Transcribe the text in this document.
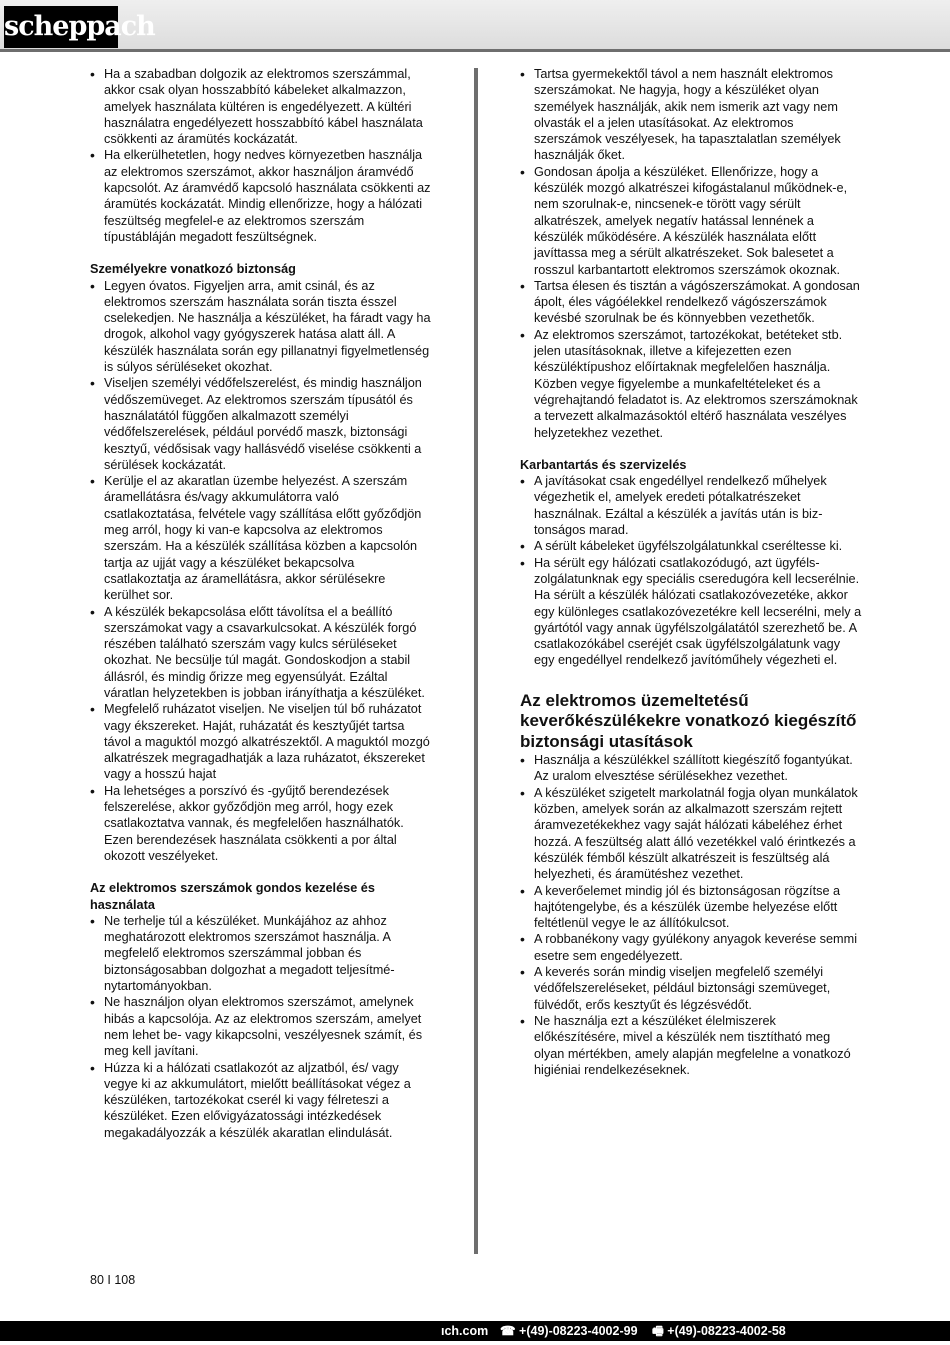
scheppach
• Ha a szabadban dolgozik az elektromos szerszámmal, akkor csak olyan hosszabbító kábeleket alkalmazzon, amelyek használata kültéren is engedélyezett. A kültéri használatra engedélyezett hosszabbító kábel használata csökkenti az áramütés kockázatát.
• Ha elkerülhetetlen, hogy nedves környezetben használja az elektromos szerszámot, akkor használjon áramvédő kapcsolót. Az áramvédő kapcsoló használata csökkenti az áramütés kockázatát. Mindig ellenőrizze, hogy a hálózati feszültség megfelel-e az elektromos szerszám típustábláján megadott feszültségnek.
Személyekre vonatkozó biztonság
• Legyen óvatos. Figyeljen arra, amit csinál, és az elektromos szerszám használata során tiszta ésszel cselekedjen. Ne használja a készüléket, ha fáradt vagy ha drogok, alkohol vagy gyógyszerek hatása alatt áll. A készülék használata során egy pillanatnyi figyelmetlenség is súlyos sérüléseket okozhat.
• Viseljen személyi védőfelszerelést, és mindig használjon védőszemüveget. Az elektromos szerszám típusától és használatától függően alkalmazott személyi védőfelszerelések, például porvédő maszk, biztonsági kesztyű, védősisak vagy hallásvédő viselése csökkenti a sérülések kockázatát.
• Kerülje el az akaratlan üzembe helyezést. A szerszám áramellátásra és/vagy akkumulátorra való csatlakoztatása, felvétele vagy szállítása előtt győződjön meg arról, hogy ki van-e kapcsolva az elektromos szerszám. Ha a készülék szállítása közben a kapcsolón tartja az ujját vagy a készüléket bekapcsolva csatlakoztatja az áramellátásra, akkor sérülésekre kerülhet sor.
• A készülék bekapcsolása előtt távolítsa el a beállító szerszámokat vagy a csavarkulcsokat. A készülék forgó részében található szerszám vagy kulcs sérüléseket okozhat. Ne becsülje túl magát. Gondoskodjon a stabil állásról, és mindig őrizze meg egyensúlyát. Ezáltal váratlan helyzetekben is jobban irányíthatja a készüléket.
• Megfelelő ruházatot viseljen. Ne viseljen túl bő ruházatot vagy ékszereket. Haját, ruházatát és kesztyűjét tartsa távol a maguktól mozgó alkatrészektől. A maguktól mozgó alkatrészek megragadhatják a laza ruházatot, ékszereket vagy a hosszú hajat
• Ha lehetséges a porszívó és -gyűjtő berendezések felszerelése, akkor győződjön meg arról, hogy ezek csatlakoztatva vannak, és megfelelően használhatók. Ezen berendezések használata csökkenti a por által okozott veszélyeket.
Az elektromos szerszámok gondos kezelése és használata
• Ne terhelje túl a készüléket. Munkájához az ahhoz meghatározott elektromos szerszámot használja. A megfelelő elektromos szerszámmal jobban és biztonságosabban dolgozhat a megadott teljesítménytartományokban.
• Ne használjon olyan elektromos szerszámot, amelynek hibás a kapcsolója. Az az elektromos szerszám, amelyet nem lehet be- vagy kikapcsolni, veszélyesnek számít, és meg kell javítani.
• Húzza ki a hálózati csatlakozót az aljzatból, és/ vagy vegye ki az akkumulátort, mielőtt beállításokat végez a készüléken, tartozékokat cserél ki vagy félreteszi a készüléket. Ezen elővigyázatossági intézkedések megakadályozzák a készülék akaratlan elindulását.
• Tartsa gyermekektől távol a nem használt elektromos szerszámokat. Ne hagyja, hogy a készüléket olyan személyek használják, akik nem ismerik azt vagy nem olvasták el a jelen utasításokat. Az elektromos szerszámok veszélyesek, ha tapasztalatlan személyek használják őket.
• Gondosan ápolja a készüléket. Ellenőrizze, hogy a készülék mozgó alkatrészei kifogástalanul működnek-e, nem szorulnak-e, nincsenek-e törött vagy sérült alkatrészek, amelyek negatív hatással lennének a készülék működésére. A készülék használata előtt javíttassa meg a sérült alkatrészeket. Sok balesetet a rosszul karbantartott elektromos szerszámok okoznak.
• Tartsa élesen és tisztán a vágószerszámokat. A gondosan ápolt, éles vágóélekkel rendelkező vágószerszámok kevésbé szorulnak be és könnyebben vezethetők.
• Az elektromos szerszámot, tartozékokat, betéteket stb. jelen utasításoknak, illetve a kifejezetten ezen készüléktípushoz előírtaknak megfelelően használja. Közben vegye figyelembe a munkafeltételeket és a végrehajtandó feladatot is. Az elektromos szerszámoknak a tervezett alkalmazásoktól eltérő használata veszélyes helyzetekhez vezethet.
Karbantartás és szervizelés
• A javításokat csak engedéllyel rendelkező műhelyek végezhetik el, amelyek eredeti pótalkatrészeket használnak. Ezáltal a készülék a javítás után is biztonságos marad.
• A sérült kábeleket ügyfélszolgálatunkkal cseréltesse ki.
• Ha sérült egy hálózati csatlakozódugó, azt ügyfélszolgálatunknak egy speciális cseredugóra kell lecserélnie. Ha sérült a készülék hálózati csatlakozóvezetéke, akkor egy különleges csatlakozóvezetékre kell lecserélni, mely a gyártótól vagy annak ügyfélszolgálatától szerezhető be. A csatlakozókábel cseréjét csak ügyfélszolgálatunk vagy egy engedéllyel rendelkező javítóműhely végezheti el.
Az elektromos üzemeltetésű keverőkészülékekre vonatkozó kiegészítő biztonsági utasítások
• Használja a készülékkel szállított kiegészítő fogantyúkat. Az uralom elvesztése sérülésekhez vezethet.
• A készüléket szigetelt markolatnál fogja olyan munkálatok közben, amelyek során az alkalmazott szerszám rejtett áramvezetékekhez vagy saját hálózati kábeléhez érhet hozzá. A feszültség alatt álló vezetékkel való érintkezés a készülék fémből készült alkatrészeit is feszültség alá helyezheti, és áramütéshez vezethet.
• A keverőelemet mindig jól és biztonságosan rögzítse a hajtótengelybe, és a készülék üzembe helyezése előtt feltétlenül vegye le az állítókulcsot.
• A robbanékony vagy gyúlékony anyagok keverése semmi esetre sem engedélyezett.
• A keverés során mindig viseljen megfelelő személyi védőfelszereléseket, például biztonsági szemüveget, fülvédőt, erős kesztyűt és légzésvédőt.
• Ne használja ezt a készüléket élelmiszerek előkészítésére, mivel a készülék nem tisztítható meg olyan mértékben, amely alapján megfelelne a vonatkozó higiéniai rendelkezéseknek.
80 I 108
ıch.com ☎ +(49)-08223-4002-99 🖷 +(49)-08223-4002-58
